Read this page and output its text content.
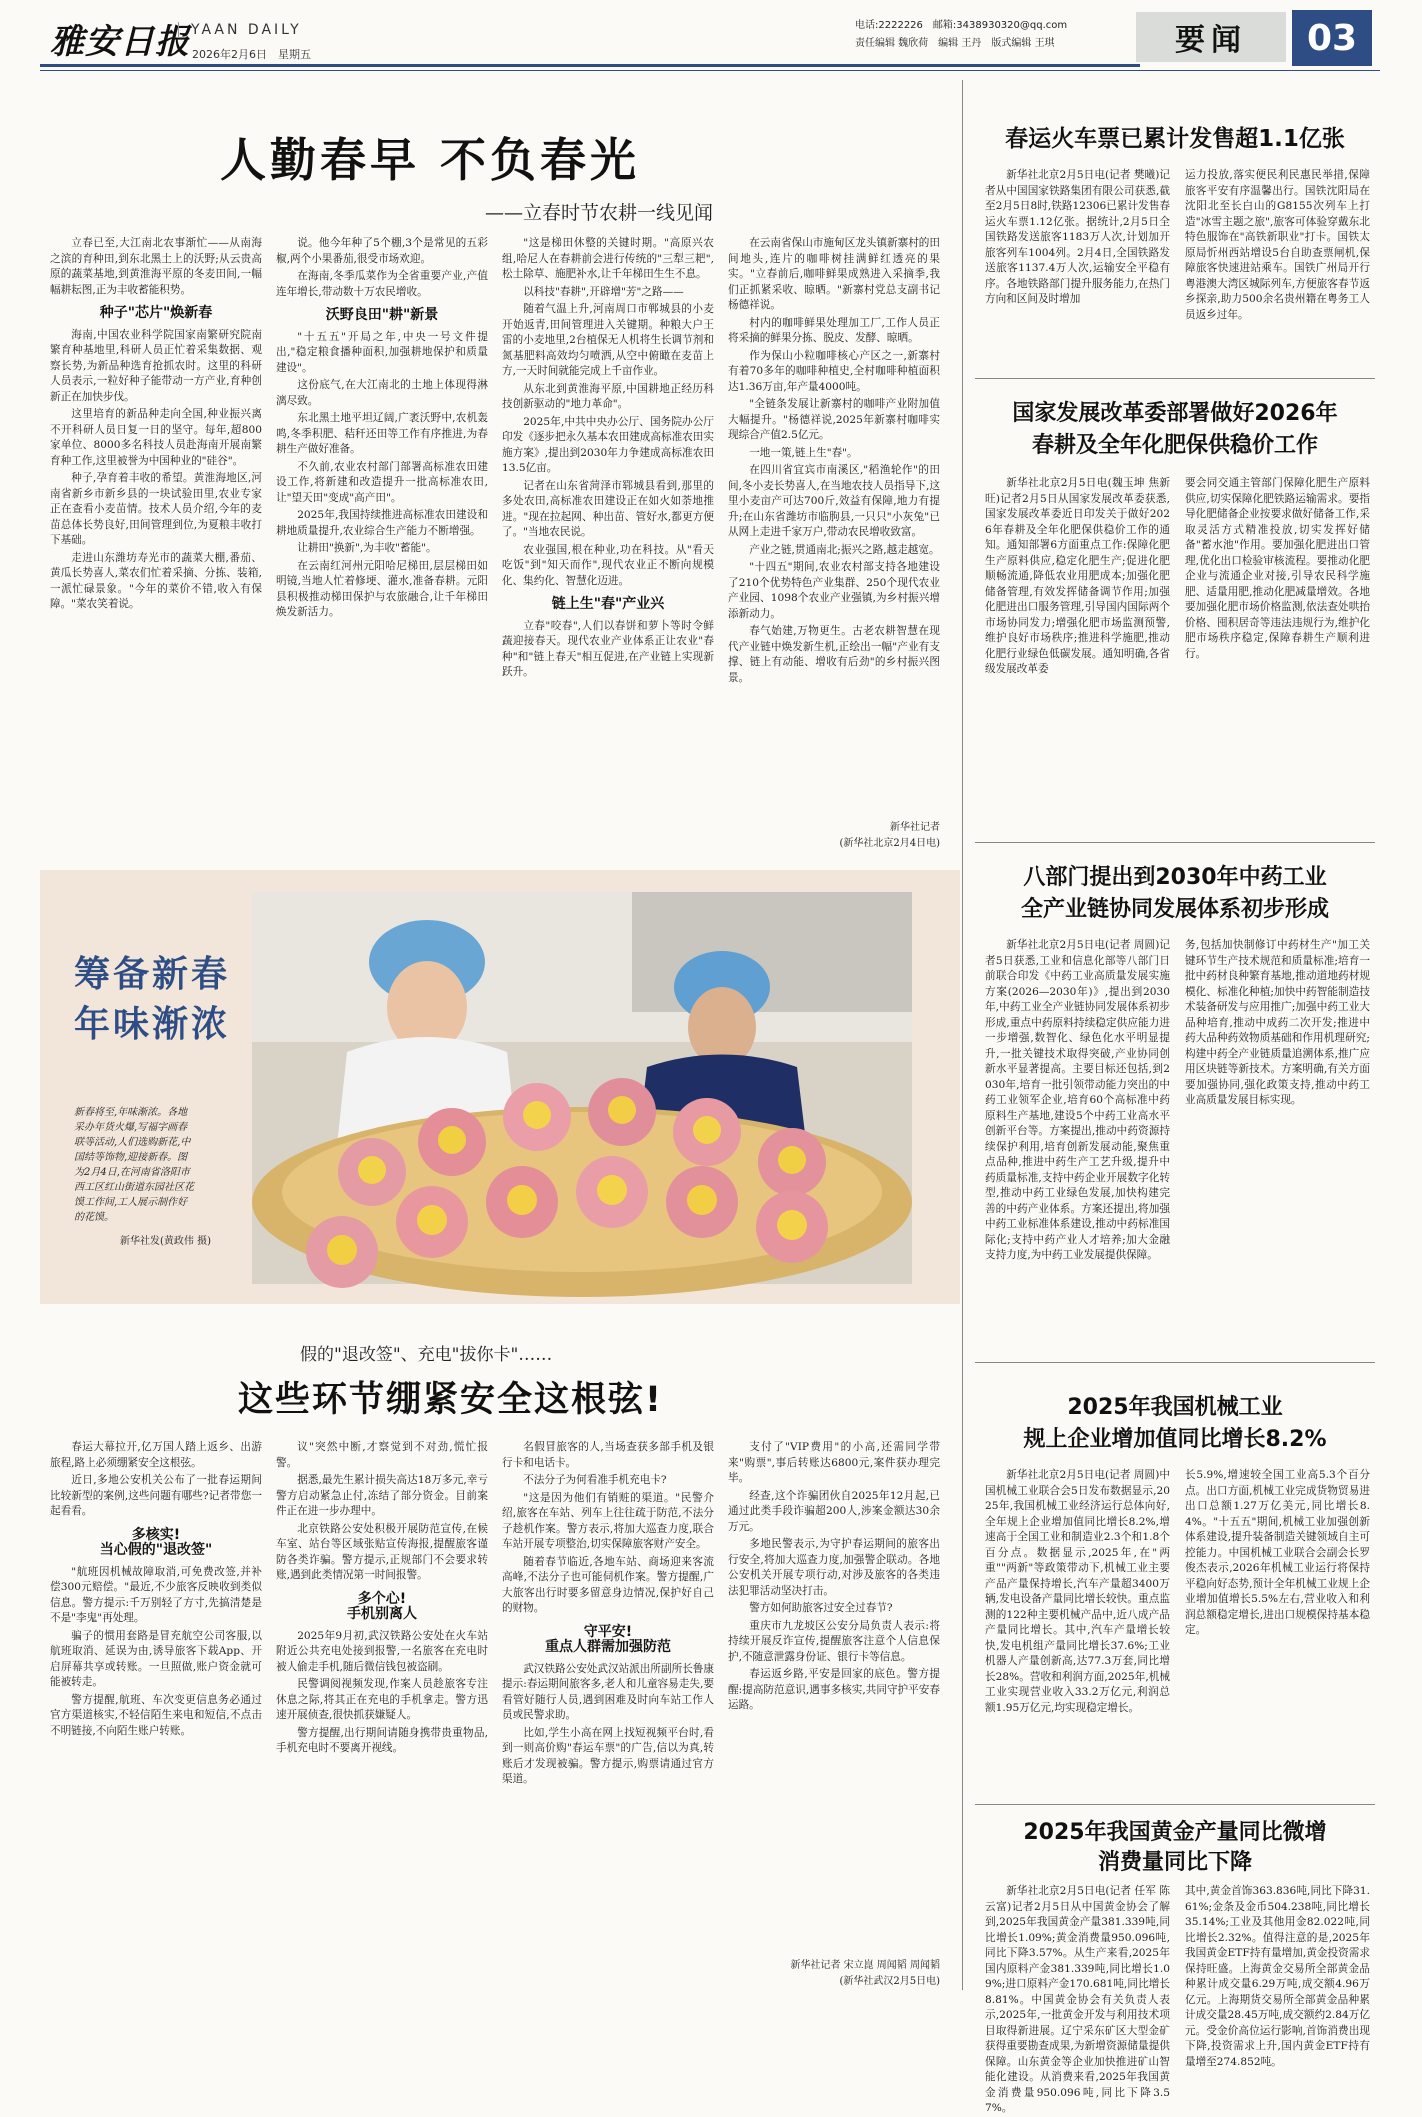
雅安日报 YAAN DAILY
2026年2月6日　星期五
电话:2222226　邮箱:3438930320@qq.com
责任编辑 魏欣荷　编辑 王丹　版式编辑 王琪	要闻	03
人勤春早 不负春光
——立春时节农耕一线见闻

立春已至,大江南北农事渐忙——从南海之滨的育种田,到东北黑土上的沃野;从云贵高原的蔬菜基地,到黄淮海平原的冬麦田间,一幅幅耕耘图,正为丰收蓄能积势。

种子"芯片"焕新春

海南,中国农业科学院国家南繁研究院南繁育种基地里,科研人员正忙着采集数据、观察长势,为新品种选育抢抓农时。这里的科研人员表示,一粒好种子能带动一方产业,育种创新正在加快步伐。

这里培育的新品种走向全国,种业振兴离不开科研人员日复一日的坚守。每年,超800家单位、8000多名科技人员赴海南开展南繁育种工作,这里被誉为中国种业的"硅谷"。

种子,孕育着丰收的希望。黄淮海地区,河南省新乡市新乡县的一块试验田里,农业专家正在查看小麦苗情。技术人员介绍,今年的麦苗总体长势良好,田间管理到位,为夏粮丰收打下基础。

走进山东潍坊寿光市的蔬菜大棚,番茄、黄瓜长势喜人,菜农们忙着采摘、分拣、装箱,一派忙碌景象。"今年的菜价不错,收入有保障。"菜农笑着说。

说。他今年种了5个棚,3个是常见的五彩椒,两个小果番茄,很受市场欢迎。

在海南,冬季瓜菜作为全省重要产业,产值连年增长,带动数十万农民增收。

沃野良田"耕"新景

"十五五"开局之年,中央一号文件提出,"稳定粮食播种面积,加强耕地保护和质量建设"。

这份底气,在大江南北的土地上体现得淋漓尽致。

东北黑土地平坦辽阔,广袤沃野中,农机轰鸣,冬季积肥、秸秆还田等工作有序推进,为春耕生产做好准备。

不久前,农业农村部门部署高标准农田建设工作,将新建和改造提升一批高标准农田,让"望天田"变成"高产田"。

2025年,我国持续推进高标准农田建设和耕地质量提升,农业综合生产能力不断增强。

让耕田"换新",为丰收"蓄能"。

在云南红河州元阳哈尼梯田,层层梯田如明镜,当地人忙着修埂、灌水,准备春耕。元阳县积极推动梯田保护与农旅融合,让千年梯田焕发新活力。

"这是梯田休整的关键时期。"高原兴农组,哈尼人在春耕前会进行传统的"三犁三耙",松土除草、施肥补水,让千年梯田生生不息。

以科技"春耕",开辟增"芳"之路——

随着气温上升,河南周口市郸城县的小麦开始返青,田间管理进入关键期。种粮大户王雷的小麦地里,2台植保无人机将生长调节剂和氮基肥料高效均匀喷洒,从空中俯瞰在麦苗上方,一天时间就能完成上千亩作业。

从东北到黄淮海平原,中国耕地正经历科技创新驱动的"地力革命"。

2025年,中共中央办公厅、国务院办公厅印发《逐步把永久基本农田建成高标准农田实施方案》,提出到2030年力争建成高标准农田13.5亿亩。

记者在山东省菏泽市郓城县看到,那里的多处农田,高标准农田建设正在如火如荼地推进。"现在拉起网、种出苗、管好水,都更方便了。"当地农民说。

农业强国,根在种业,功在科技。从"看天吃饭"到"知天而作",现代农业正不断向规模化、集约化、智慧化迈进。

链上生"春"产业兴

立春"咬春",人们以春饼和萝卜等时令鲜蔬迎接春天。现代农业产业体系正让农业"春种"和"链上春天"相互促进,在产业链上实现新跃升。

在云南省保山市施甸区龙头镇新寨村的田间地头,连片的咖啡树挂满鲜红透亮的果实。"立春前后,咖啡鲜果成熟进入采摘季,我们正抓紧采收、晾晒。"新寨村党总支副书记杨德祥说。

村内的咖啡鲜果处理加工厂,工作人员正将采摘的鲜果分拣、脱皮、发酵、晾晒。

作为保山小粒咖啡核心产区之一,新寨村有着70多年的咖啡种植史,全村咖啡种植面积达1.36万亩,年产量4000吨。

"全链条发展让新寨村的咖啡产业附加值大幅提升。"杨德祥说,2025年新寨村咖啡实现综合产值2.5亿元。

一地一策,链上生"春"。

在四川省宜宾市南溪区,"稻渔轮作"的田间,冬小麦长势喜人,在当地农技人员指导下,这里小麦亩产可达700斤,效益有保障,地力有提升;在山东省潍坊市临朐县,一只只"小灰兔"已从网上走进千家万户,带动农民增收致富。

产业之链,贯通南北;振兴之路,越走越宽。

"十四五"期间,农业农村部支持各地建设了210个优势特色产业集群、250个现代农业产业园、1098个农业产业强镇,为乡村振兴增添新动力。

春气始建,万物更生。古老农耕智慧在现代产业链中焕发新生机,正绘出一幅"产业有支撑、链上有动能、增收有后劲"的乡村振兴图景。

新华社记者
(新华社北京2月4日电)
筹备新春
年味渐浓
新春将至,年味渐浓。各地采办年货火爆,写福字画春联等活动,人们选购新花,中国结等饰物,迎接新春。图为2月4日,在河南省洛阳市西工区红山街道东园社区花馍工作间,工人展示制作好的花馍。
新华社发(黄政伟 摄)
假的"退改签"、充电"拔你卡"……
这些环节绷紧安全这根弦!

春运大幕拉开,亿万国人踏上返乡、出游旅程,路上必须绷紧安全这根弦。

近日,多地公安机关公布了一批春运期间比较新型的案例,这些问题有哪些?记者带您一起看看。

多核实!
当心假的"退改签"

"航班因机械故障取消,可免费改签,并补偿300元赔偿。"最近,不少旅客反映收到类似信息。警方提示:千万别轻了方寸,先搞清楚是不是"李鬼"再处理。

骗子的惯用套路是冒充航空公司客服,以航班取消、延误为由,诱导旅客下载App、开启屏幕共享或转账。一旦照做,账户资金就可能被转走。

警方提醒,航班、车次变更信息务必通过官方渠道核实,不轻信陌生来电和短信,不点击不明链接,不向陌生账户转账。

议"突然中断,才察觉到不对劲,慌忙报警。

据悉,最先生累计损失高达18万多元,幸亏警方启动紧急止付,冻结了部分资金。目前案件正在进一步办理中。

北京铁路公安处积极开展防范宣传,在候车室、站台等区域张贴宣传海报,提醒旅客谨防各类诈骗。警方提示,正规部门不会要求转账,遇到此类情况第一时间报警。

多个心!
手机别离人

2025年9月初,武汉铁路公安处在火车站附近公共充电处接到报警,一名旅客在充电时被人偷走手机,随后微信钱包被盗刷。

民警调阅视频发现,作案人员趁旅客专注休息之际,将其正在充电的手机拿走。警方迅速开展侦查,很快抓获嫌疑人。

警方提醒,出行期间请随身携带贵重物品,手机充电时不要离开视线。

名假冒旅客的人,当场查获多部手机及银行卡和电话卡。

不法分子为何看准手机充电卡?

"这是因为他们有销赃的渠道。"民警介绍,旅客在车站、列车上往往疏于防范,不法分子趁机作案。警方表示,将加大巡查力度,联合车站开展专项整治,切实保障旅客财产安全。

随着春节临近,各地车站、商场迎来客流高峰,不法分子也可能伺机作案。警方提醒,广大旅客出行时要多留意身边情况,保护好自己的财物。

守平安!
重点人群需加强防范

武汉铁路公安处武汉站派出所副所长鲁康提示:春运期间旅客多,老人和儿童容易走失,要看管好随行人员,遇到困难及时向车站工作人员或民警求助。

比如,学生小高在网上找短视频平台时,看到一则高价购"春运车票"的广告,信以为真,转账后才发现被骗。警方提示,购票请通过官方渠道。

支付了"VIP费用"的小高,还需同学带来"购票",事后转账达6800元,案件获办理完毕。

经查,这个诈骗团伙自2025年12月起,已通过此类手段诈骗超200人,涉案金额达30余万元。

多地民警表示,为守护春运期间的旅客出行安全,将加大巡查力度,加强警企联动。各地公安机关开展专项行动,对涉及旅客的各类违法犯罪活动坚决打击。

警方如何助旅客过安全过春节?

重庆市九龙坡区公安分局负责人表示:将持续开展反诈宣传,提醒旅客注意个人信息保护,不随意泄露身份证、银行卡等信息。

春运返乡路,平安是回家的底色。警方提醒:提高防范意识,遇事多核实,共同守护平安春运路。

新华社记者 宋立崑 周闻韬 周闻韬
(新华社武汉2月5日电)
春运火车票已累计发售超1.1亿张

新华社北京2月5日电(记者 樊曦)记者从中国国家铁路集团有限公司获悉,截至2月5日8时,铁路12306已累计发售春运火车票1.12亿张。据统计,2月5日全国铁路发送旅客1183万人次,计划加开旅客列车1004列。2月4日,全国铁路发送旅客1137.4万人次,运输安全平稳有序。各地铁路部门提升服务能力,在热门方向和区间及时增加

运力投放,落实便民利民惠民举措,保障旅客平安有序温馨出行。国铁沈阳局在沈阳北至长白山的G8155次列车上打造"冰雪主题之旅",旅客可体验穿戴东北特色服饰在"高铁新职业"打卡。国铁太原局忻州西站增设5台自助查票闸机,保障旅客快速进站乘车。国铁广州局开行粤港澳大湾区城际列车,方便旅客春节返乡探亲,助力500余名贵州籍在粤务工人员返乡过年。

国家发展改革委部署做好2026年
春耕及全年化肥保供稳价工作

新华社北京2月5日电(魏玉坤 焦新旺)记者2月5日从国家发展改革委获悉,国家发展改革委近日印发关于做好2026年春耕及全年化肥保供稳价工作的通知。通知部署6方面重点工作:保障化肥生产原料供应,稳定化肥生产;促进化肥顺畅流通,降低农业用肥成本;加强化肥储备管理,有效发挥储备调节作用;加强化肥进出口服务管理,引导国内国际两个市场协同发力;增强化肥市场监测预警,维护良好市场秩序;推进科学施肥,推动化肥行业绿色低碳发展。通知明确,各省级发展改革委

要会同交通主管部门保障化肥生产原料供应,切实保障化肥铁路运输需求。要指导化肥储备企业按要求做好储备工作,采取灵活方式精准投放,切实发挥好储备"蓄水池"作用。要加强化肥进出口管理,优化出口检验审核流程。要推动化肥企业与流通企业对接,引导农民科学施肥、适量用肥,推动化肥减量增效。各地要加强化肥市场价格监测,依法查处哄抬价格、囤积居奇等违法违规行为,维护化肥市场秩序稳定,保障春耕生产顺利进行。

八部门提出到2030年中药工业
全产业链协同发展体系初步形成

新华社北京2月5日电(记者 周圆)记者5日获悉,工业和信息化部等八部门日前联合印发《中药工业高质量发展实施方案(2026—2030年)》,提出到2030年,中药工业全产业链协同发展体系初步形成,重点中药原料持续稳定供应能力进一步增强,数智化、绿色化水平明显提升,一批关键技术取得突破,产业协同创新水平显著提高。主要目标还包括,到2030年,培育一批引领带动能力突出的中药工业领军企业,培育60个高标准中药原料生产基地,建设5个中药工业高水平创新平台等。方案提出,推动中药资源持续保护利用,培育创新发展动能,聚焦重点品种,推进中药生产工艺升级,提升中药质量标准,支持中药企业开展数字化转型,推动中药工业绿色发展,加快构建完善的中药产业体系。方案还提出,将加强中药工业标准体系建设,推动中药标准国际化;支持中药产业人才培养;加大金融支持力度,为中药工业发展提供保障。

务,包括加快制修订中药材生产"加工关键环节生产技术规范和质量标准;培育一批中药材良种繁育基地,推动道地药材规模化、标准化种植;加快中药智能制造技术装备研发与应用推广;加强中药工业大品种培育,推动中成药二次开发;推进中药大品种药效物质基础和作用机理研究;构建中药全产业链质量追溯体系,推广应用区块链等新技术。方案明确,有关方面要加强协同,强化政策支持,推动中药工业高质量发展目标实现。

2025年我国机械工业
规上企业增加值同比增长8.2%

新华社北京2月5日电(记者 周圆)中国机械工业联合会5日发布数据显示,2025年,我国机械工业经济运行总体向好,全年规上企业增加值同比增长8.2%,增速高于全国工业和制造业2.3个和1.8个百分点。数据显示,2025年,在"两重""两新"等政策带动下,机械工业主要产品产量保持增长,汽车产量超3400万辆,发电设备产量同比增长较快。重点监测的122种主要机械产品中,近八成产品产量同比增长。其中,汽车产量增长较快,发电机组产量同比增长37.6%;工业机器人产量创新高,达77.3万套,同比增长28%。营收和利润方面,2025年,机械工业实现营业收入33.2万亿元,利润总额1.95万亿元,均实现稳定增长。

长5.9%,增速较全国工业高5.3个百分点。出口方面,机械工业完成货物贸易进出口总额1.27万亿美元,同比增长8.4%。"十五五"期间,机械工业加强创新体系建设,提升装备制造关键领域自主可控能力。中国机械工业联合会副会长罗俊杰表示,2026年机械工业运行将保持平稳向好态势,预计全年机械工业规上企业增加值增长5.5%左右,营业收入和利润总额稳定增长,进出口规模保持基本稳定。

2025年我国黄金产量同比微增
消费量同比下降

新华社北京2月5日电(记者 任军 陈云富)记者2月5日从中国黄金协会了解到,2025年我国黄金产量381.339吨,同比增长1.09%;黄金消费量950.096吨,同比下降3.57%。从生产来看,2025年国内原料产金381.339吨,同比增长1.09%;进口原料产金170.681吨,同比增长8.81%。中国黄金协会有关负责人表示,2025年,一批黄金开发与利用技术项目取得新进展。辽宁采东矿区大型金矿获得重要勘查成果,为新增资源储量提供保障。山东黄金等企业加快推进矿山智能化建设。从消费来看,2025年我国黄金消费量950.096吨,同比下降3.57%。

其中,黄金首饰363.836吨,同比下降31.61%;金条及金币504.238吨,同比增长35.14%;工业及其他用金82.022吨,同比增长2.32%。值得注意的是,2025年我国黄金ETF持有量增加,黄金投资需求保持旺盛。上海黄金交易所全部黄金品种累计成交量6.29万吨,成交额4.96万亿元。上海期货交易所全部黄金品种累计成交量28.45万吨,成交额约2.84万亿元。受金价高位运行影响,首饰消费出现下降,投资需求上升,国内黄金ETF持有量增至274.852吨。
